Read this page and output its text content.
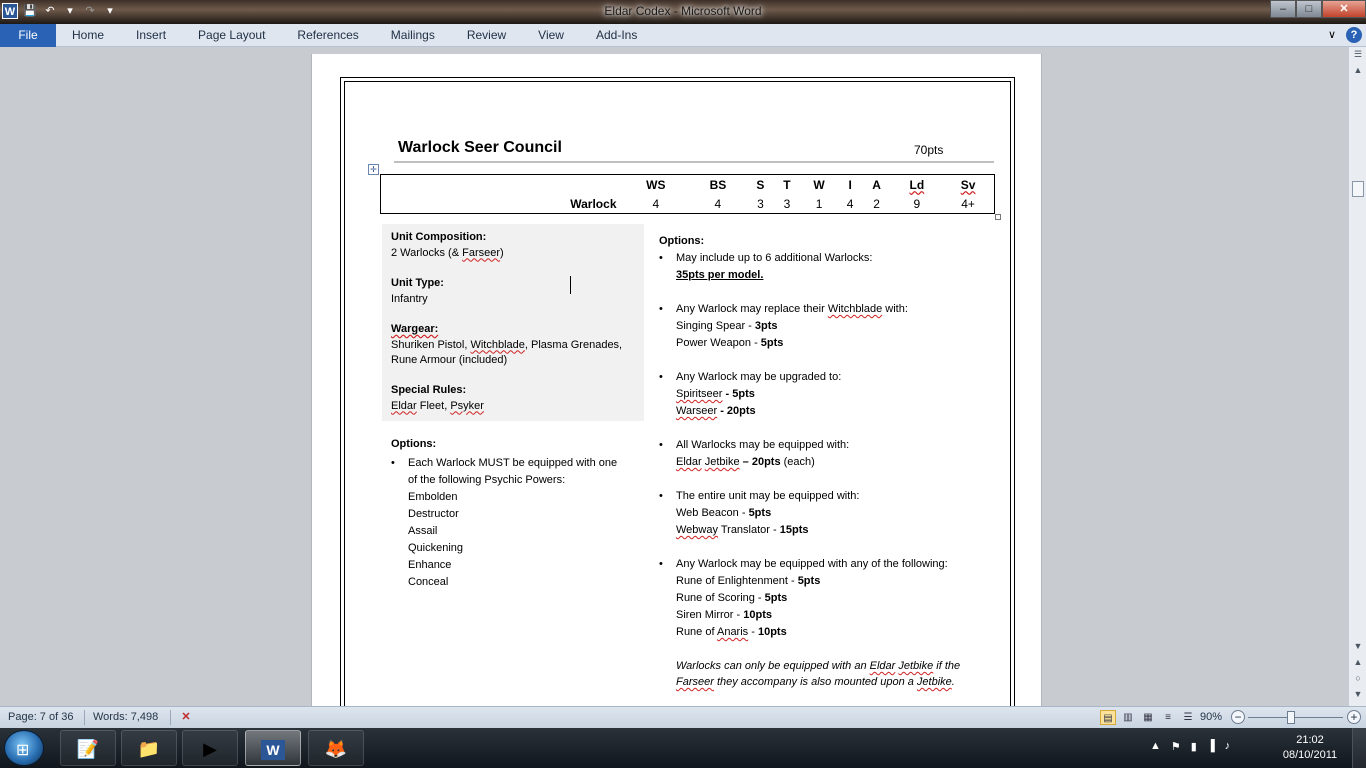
W 💾 ↶	▾	↷	▾	Eldar Codex - Microsoft Word	–	□	✕
File	Home	Insert	Page Layout	References	Mailings	Review	View	Add-Ins	∨	?
Warlock Seer Council	70pts
✛
	WS	BS	S	T	W	I	A	Ld	Sv
Warlock	4	4	3	3	1	4	2	9	4+
Unit Composition:
2 Warlocks (& Farseer)
Unit Type:
Infantry
Wargear:
Shuriken Pistol, Witchblade, Plasma Grenades,
Rune Armour (included)
Special Rules:
Eldar Fleet, Psyker
Options:
• Each Warlock MUST be equipped with one
of the following Psychic Powers:
Embolden
Destructor
Assail
Quickening
Enhance
Conceal
Options:
• May include up to 6 additional Warlocks:
35pts per model.
• Any Warlock may replace their Witchblade with:
Singing Spear - 3pts
Power Weapon - 5pts
• Any Warlock may be upgraded to:
Spiritseer - 5pts
Warseer - 20pts
• All Warlocks may be equipped with:
Eldar Jetbike – 20pts (each)
• The entire unit may be equipped with:
Web Beacon - 5pts
Webway Translator - 15pts
• Any Warlock may be equipped with any of the following:
Rune of Enlightenment - 5pts
Rune of Scoring - 5pts
Siren Mirror - 10pts
Rune of Anaris - 10pts
Warlocks can only be equipped with an Eldar Jetbike if the
Farseer they accompany is also mounted upon a Jetbike.
☰
▲
▼
▲
○
▼
Page: 7 of 36 Words: 7,498	✕	▤	▥	▦	≡	☰ 90% −	+
⊞	📝	📁	▶	W	🦊	▲ ⚑ ▮ ▐ ♪	21:02
08/10/2011
